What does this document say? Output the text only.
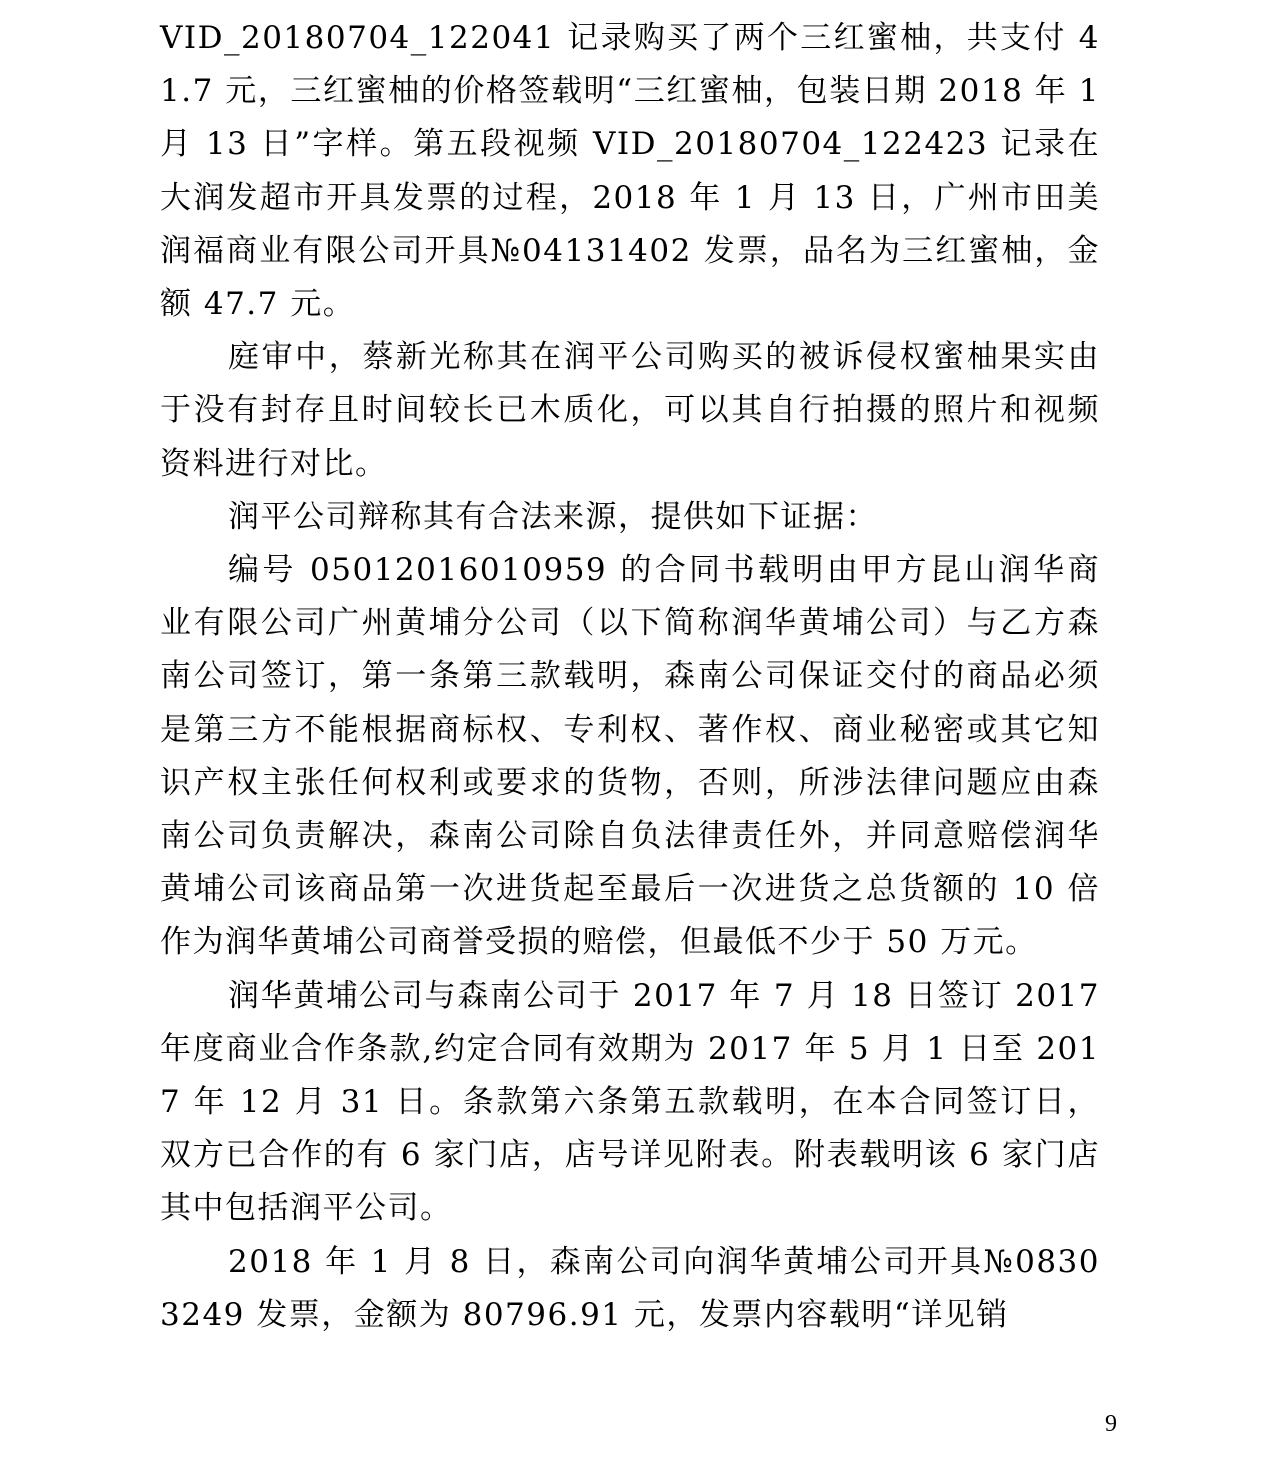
VID_20180704_122041 记录购买了两个三红蜜柚，共支付 41.7 元，三红蜜柚的价格签载明“三红蜜柚，包装日期 2018 年 1 月 13 日”字样。第五段视频 VID_20180704_122423 记录在大润发超市开具发票的过程，2018 年 1 月 13 日，广州市田美润福商业有限公司开具№04131402 发票，品名为三红蜜柚，金额 47.7 元。

庭审中，蔡新光称其在润平公司购买的被诉侵权蜜柚果实由于没有封存且时间较长已木质化，可以其自行拍摄的照片和视频资料进行对比。

润平公司辩称其有合法来源，提供如下证据：

编号 05012016010959 的合同书载明由甲方昆山润华商业有限公司广州黄埔分公司（以下简称润华黄埔公司）与乙方森南公司签订，第一条第三款载明，森南公司保证交付的商品必须是第三方不能根据商标权、专利权、著作权、商业秘密或其它知识产权主张任何权利或要求的货物，否则，所涉法律问题应由森南公司负责解决，森南公司除自负法律责任外，并同意赔偿润华黄埔公司该商品第一次进货起至最后一次进货之总货额的 10 倍作为润华黄埔公司商誉受损的赔偿，但最低不少于 50 万元。

润华黄埔公司与森南公司于 2017 年 7 月 18 日签订 2017 年度商业合作条款,约定合同有效期为 2017 年 5 月 1 日至 2017 年 12 月 31 日。条款第六条第五款载明，在本合同签订日，双方已合作的有 6 家门店，店号详见附表。附表载明该 6 家门店其中包括润平公司。

2018 年 1 月 8 日，森南公司向润华黄埔公司开具№08303249 发票，金额为 80796.91 元，发票内容载明“详见销

9
